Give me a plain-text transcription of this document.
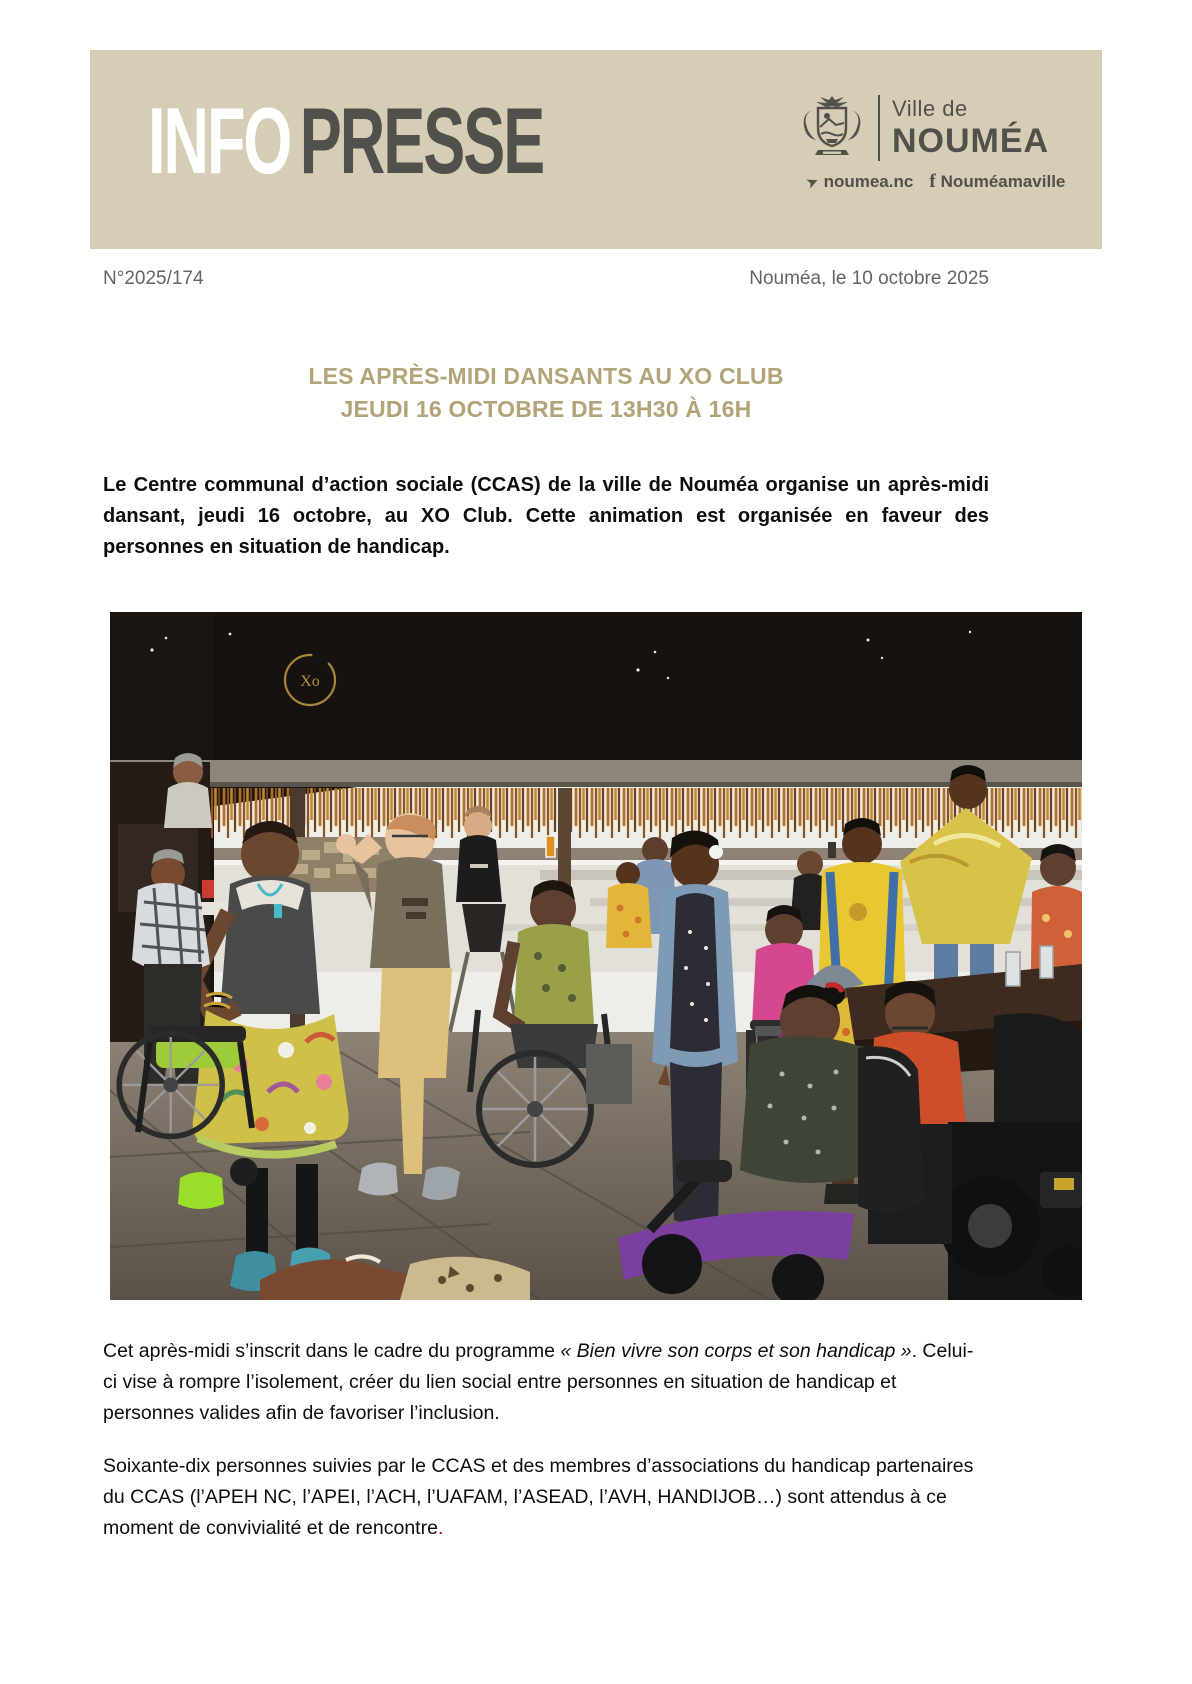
INFOPRESSE	Ville de
NOUMÉA
➤ noumea.nc f Nouméamaville
N°2025/174	Nouméa, le 10 octobre 2025
LES APRÈS-MIDI DANSANTS AU XO CLUB
JEUDI 16 OCTOBRE DE 13H30 À 16H

Le Centre communal d’action sociale (CCAS) de la ville de Nouméa organise un après-midi dansant, jeudi 16 octobre, au XO Club. Cette animation est organisée en faveur des personnes en situation de handicap.

X‎o

Cet après-midi s’inscrit dans le cadre du programme « Bien vivre son corps et son handicap ». Celui-ci vise à rompre l’isolement, créer du lien social entre personnes en situation de handicap et personnes valides afin de favoriser l’inclusion.

Soixante-dix personnes suivies par le CCAS et des membres d’associations du handicap partenaires du CCAS (l’APEH NC, l’APEI, l’ACH, l’UAFAM, l’ASEAD, l’AVH, HANDIJOB…) sont attendus à ce moment de convivialité et de rencontre.
